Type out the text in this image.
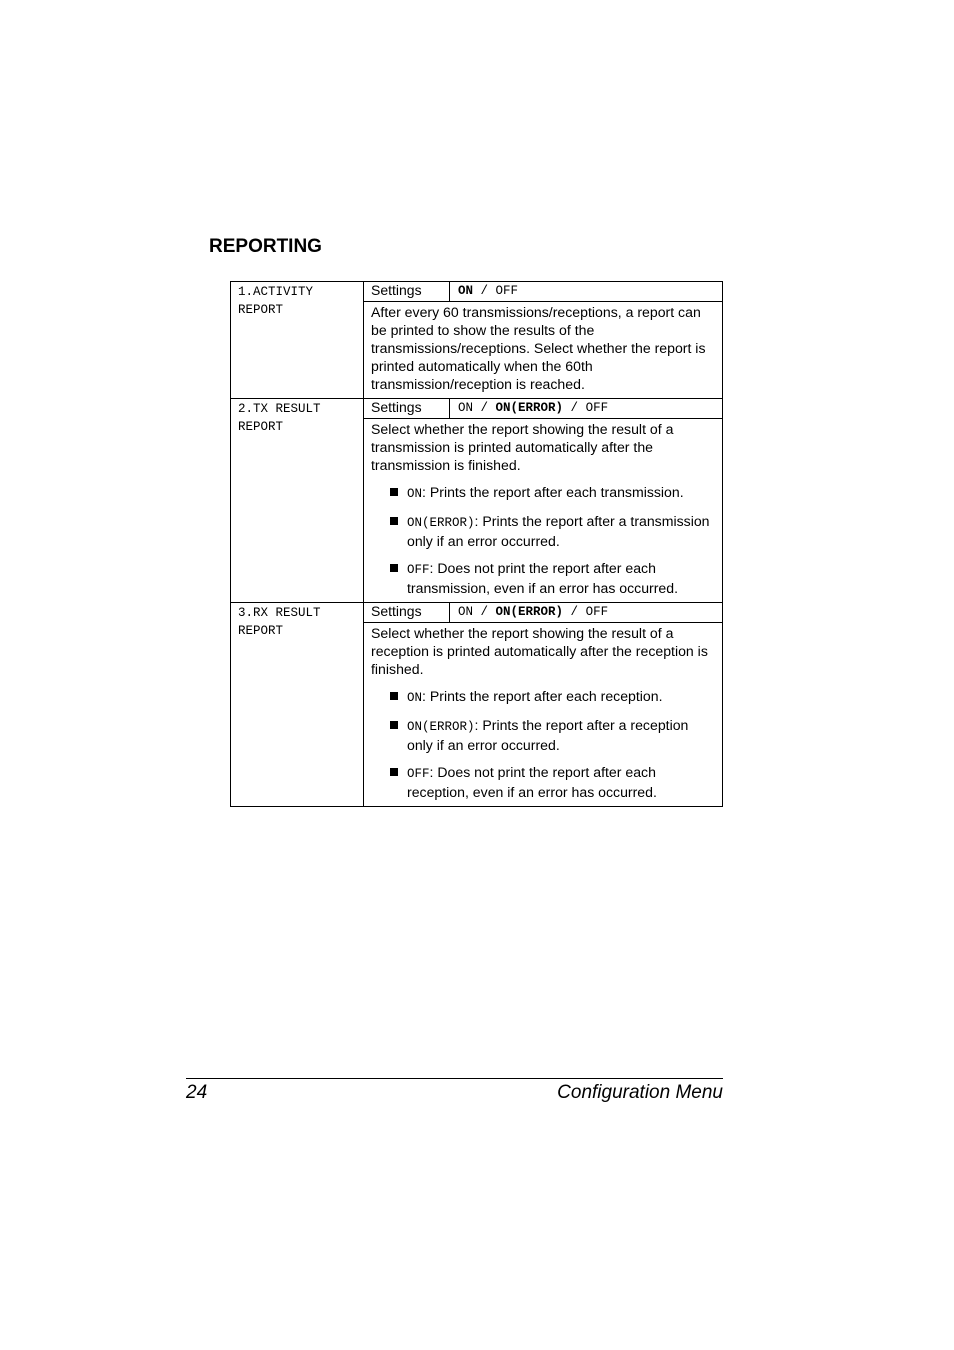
REPORTING
1.ACTIVITY
REPORT	Settings	ON / OFF
	After every 60 transmissions/receptions, a report can be printed to show the results of the transmissions/receptions. Select whether the report is printed automatically when the 60th transmission/reception is reached.	

2.TX RESULT
REPORT	Settings	ON / ON(ERROR) / OFF

	Select whether the report showing the result of a transmission is printed automatically after the transmission is finished.
ON: Prints the report after each transmission.
ON(ERROR): Prints the report after a transmission only if an error occurred.
OFF: Does not print the report after each transmission, even if an error has occurred.	

3.RX RESULT
REPORT	Settings	ON / ON(ERROR) / OFF

	Select whether the report showing the result of a reception is printed automatically after the reception is finished.
ON: Prints the report after each reception.
ON(ERROR): Prints the report after a reception only if an error occurred.
OFF: Does not print the report after each reception, even if an error has occurred.	
24	Configuration Menu
